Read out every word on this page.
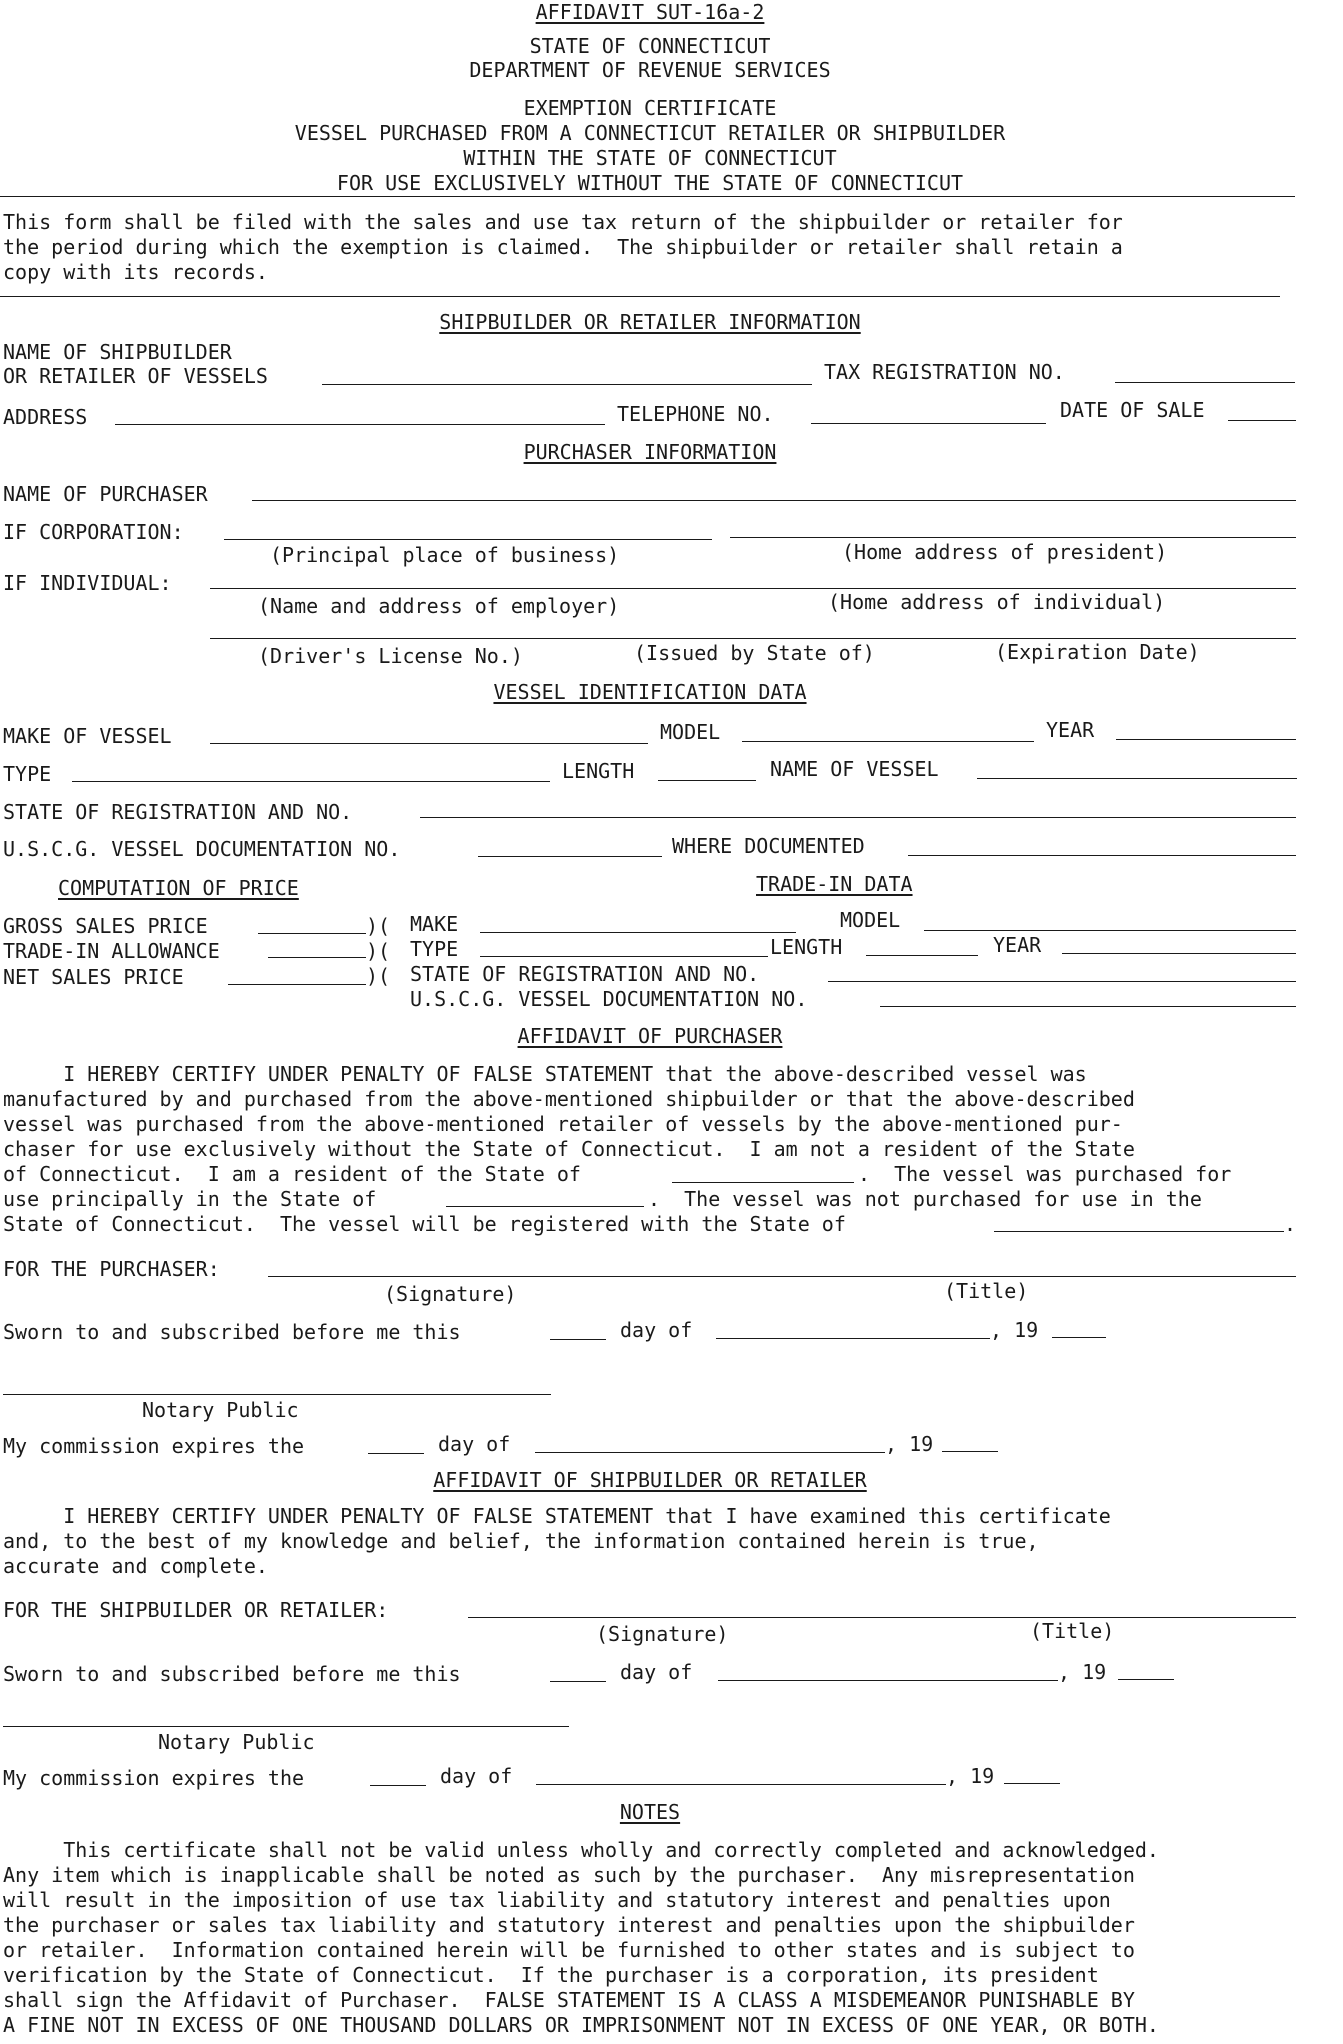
AFFIDAVIT SUT-16a-2
STATE OF CONNECTICUT
DEPARTMENT OF REVENUE SERVICES
EXEMPTION CERTIFICATE
VESSEL PURCHASED FROM A CONNECTICUT RETAILER OR SHIPBUILDER
WITHIN THE STATE OF CONNECTICUT
FOR USE EXCLUSIVELY WITHOUT THE STATE OF CONNECTICUT
This form shall be filed with the sales and use tax return of the shipbuilder or retailer for
the period during which the exemption is claimed.  The shipbuilder or retailer shall retain a
copy with its records.
SHIPBUILDER OR RETAILER INFORMATION
NAME OF SHIPBUILDER
OR RETAILER OF VESSELS	TAX REGISTRATION NO.
ADDRESS	TELEPHONE NO.	DATE OF SALE
PURCHASER INFORMATION
NAME OF PURCHASER
IF CORPORATION:
(Principal place of business)	(Home address of president)
IF INDIVIDUAL:
(Name and address of employer)	(Home address of individual)
(Driver's License No.)	(Issued by State of)	(Expiration Date)
VESSEL IDENTIFICATION DATA
MAKE OF VESSEL	MODEL	YEAR
TYPE	LENGTH	NAME OF VESSEL
STATE OF REGISTRATION AND NO.
U.S.C.G. VESSEL DOCUMENTATION NO.	WHERE DOCUMENTED
COMPUTATION OF PRICE	TRADE-IN DATA
GROSS SALES PRICE	)( MAKE	MODEL
TRADE-IN ALLOWANCE	)( TYPE	LENGTH	YEAR
NET SALES PRICE	)( STATE OF REGISTRATION AND NO.
U.S.C.G. VESSEL DOCUMENTATION NO.
AFFIDAVIT OF PURCHASER
I HEREBY CERTIFY UNDER PENALTY OF FALSE STATEMENT that the above-described vessel was
manufactured by and purchased from the above-mentioned shipbuilder or that the above-described
vessel was purchased from the above-mentioned retailer of vessels by the above-mentioned pur-
chaser for use exclusively without the State of Connecticut.  I am not a resident of the State
of Connecticut.  I am a resident of the State of	.  The vessel was purchased for
use principally in the State of	.  The vessel was not purchased for use in the
State of Connecticut.  The vessel will be registered with the State of	.
FOR THE PURCHASER:
(Signature)	(Title)
Sworn to and subscribed before me this	day of	, 19
Notary Public
My commission expires the	day of	, 19
AFFIDAVIT OF SHIPBUILDER OR RETAILER
I HEREBY CERTIFY UNDER PENALTY OF FALSE STATEMENT that I have examined this certificate
and, to the best of my knowledge and belief, the information contained herein is true,
accurate and complete.
FOR THE SHIPBUILDER OR RETAILER:
(Signature)	(Title)
Sworn to and subscribed before me this	day of	, 19
Notary Public
My commission expires the	day of	, 19
NOTES
This certificate shall not be valid unless wholly and correctly completed and acknowledged.
Any item which is inapplicable shall be noted as such by the purchaser.  Any misrepresentation
will result in the imposition of use tax liability and statutory interest and penalties upon
the purchaser or sales tax liability and statutory interest and penalties upon the shipbuilder
or retailer.  Information contained herein will be furnished to other states and is subject to
verification by the State of Connecticut.  If the purchaser is a corporation, its president
shall sign the Affidavit of Purchaser.  FALSE STATEMENT IS A CLASS A MISDEMEANOR PUNISHABLE BY
A FINE NOT IN EXCESS OF ONE THOUSAND DOLLARS OR IMPRISONMENT NOT IN EXCESS OF ONE YEAR, OR BOTH.
